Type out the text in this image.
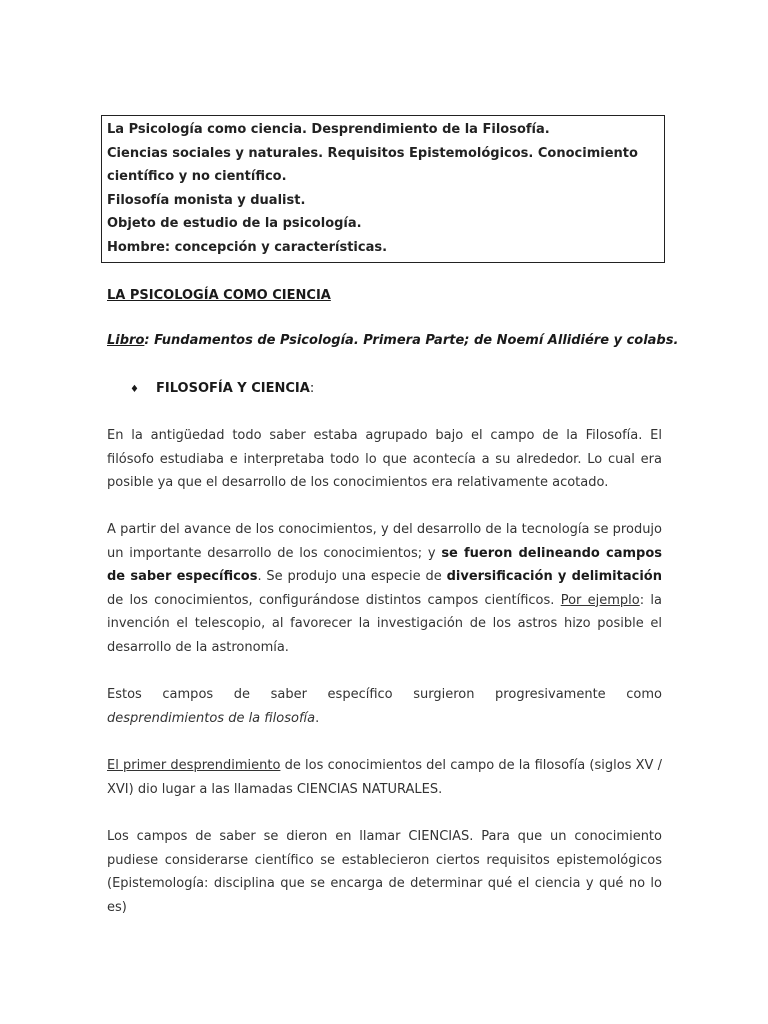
La Psicología como ciencia. Desprendimiento de la Filosofía.
Ciencias sociales y naturales. Requisitos Epistemológicos. Conocimiento
científico y no científico.
Filosofía monista y dualist.
Objeto de estudio de la psicología.
Hombre: concepción y características.
LA PSICOLOGÍA COMO CIENCIA
Libro: Fundamentos de Psicología. Primera Parte; de Noemí Allidiére y colabs.
♦ FILOSOFÍA Y CIENCIA:
En la antigüedad todo saber estaba agrupado bajo el campo de la Filosofía. El filósofo estudiaba e interpretaba todo lo que acontecía a su alrededor. Lo cual era posible ya que el desarrollo de los conocimientos era relativamente acotado.
A partir del avance de los conocimientos, y del desarrollo de la tecnología se produjo un importante desarrollo de los conocimientos; y se fueron delineando campos de saber específicos. Se produjo una especie de diversificación y delimitación de los conocimientos, configurándose distintos campos científicos. Por ejemplo: la invención el telescopio, al favorecer la investigación de los astros hizo posible el desarrollo de la astronomía.
Estos campos de saber específico surgieron progresivamente como desprendimientos de la filosofía.
El primer desprendimiento de los conocimientos del campo de la filosofía (siglos XV / XVI) dio lugar a las llamadas CIENCIAS NATURALES.
Los campos de saber se dieron en llamar CIENCIAS. Para que un conocimiento pudiese considerarse científico se establecieron ciertos requisitos epistemológicos (Epistemología: disciplina que se encarga de determinar qué el ciencia y qué no lo es)
